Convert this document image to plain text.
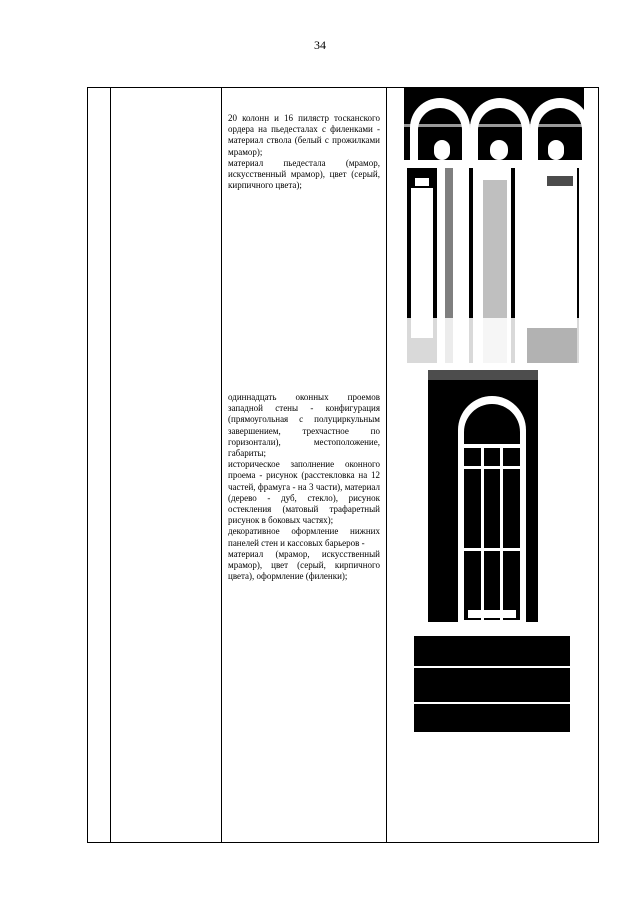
34

20 колонн и 16 пилястр тосканского ордера на пьедесталах с филенками - материал ствола (белый с прожилками мрамор);

материал пьедестала (мрамор, искусственный мрамор), цвет (серый, кирпичного цвета);

одиннадцать оконных проемов западной стены - конфигурация (прямоугольная с полуциркульным завершением, трехчастное по горизонтали), местоположение, габариты;

историческое заполнение оконного проема - рисунок (расстекловка на 12 частей, фрамуга - на 3 части), материал (дерево - дуб, стекло), рисунок остекления (матовый трафаретный рисунок в боковых частях);

декоративное оформление нижних панелей стен и кассовых барьеров -

материал (мрамор, искусственный мрамор), цвет (серый, кирпичного цвета), оформление (филенки);
